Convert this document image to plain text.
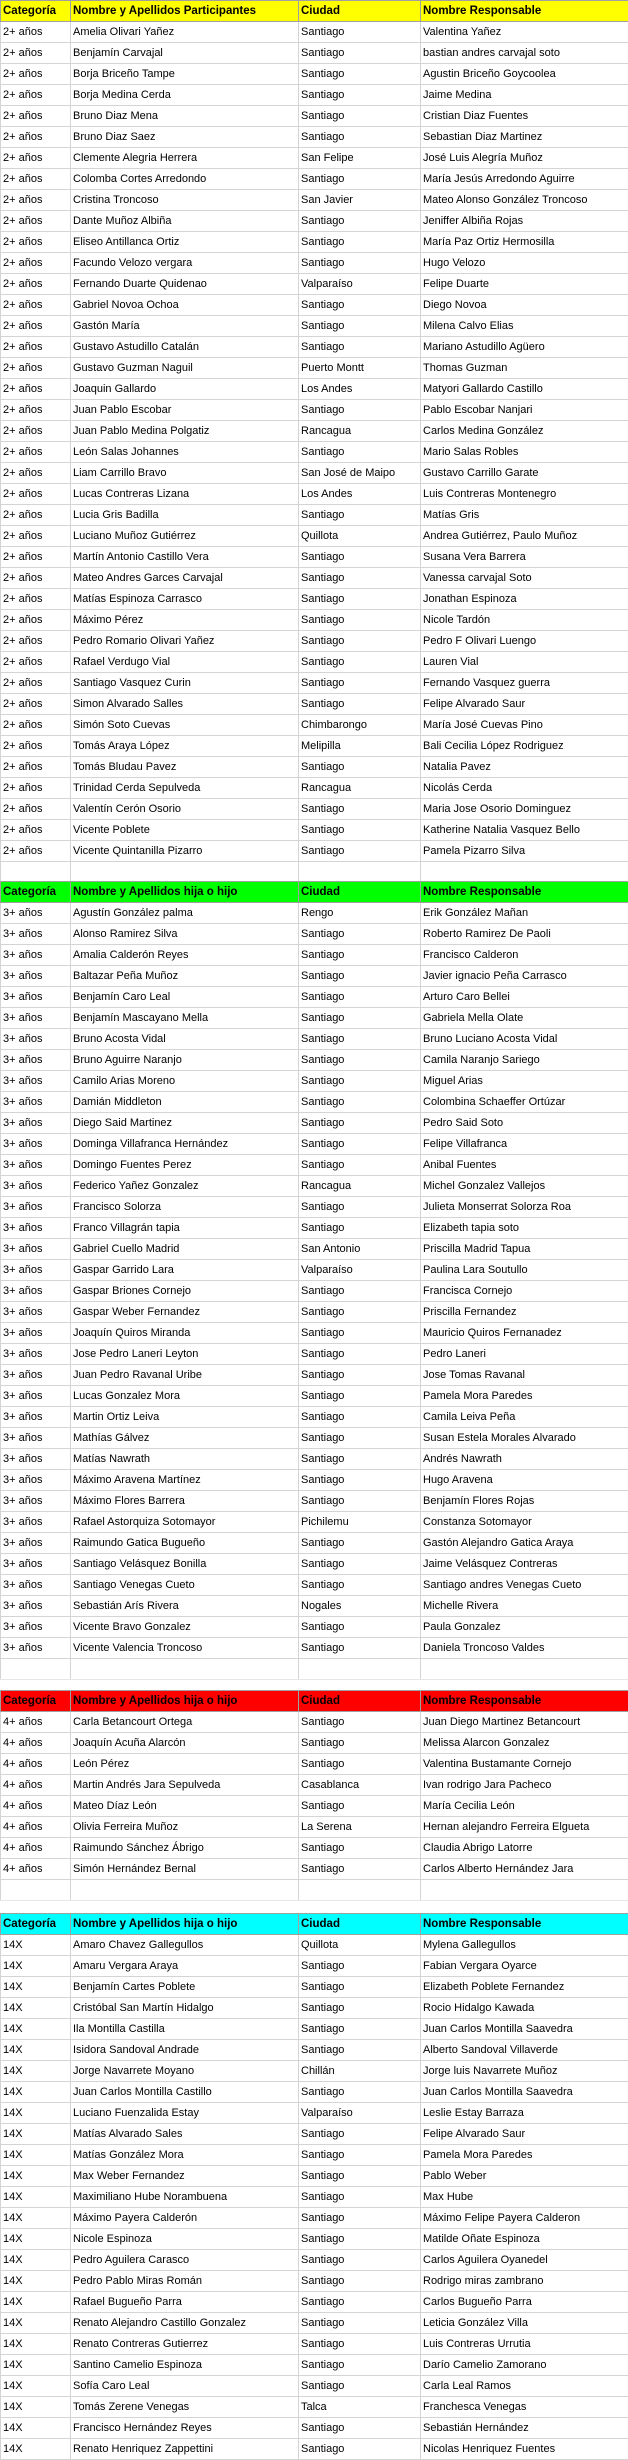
Categoría	Nombre y Apellidos Participantes	Ciudad	Nombre Responsable
2+ años	Amelia Olivari Yañez	Santiago	Valentina Yañez
2+ años	Benjamín Carvajal	Santiago	bastian andres carvajal soto
2+ años	Borja Briceño Tampe	Santiago	Agustin Briceño Goycoolea
2+ años	Borja Medina Cerda	Santiago	Jaime Medina
2+ años	Bruno Diaz Mena	Santiago	Cristian Diaz Fuentes
2+ años	Bruno Diaz Saez	Santiago	Sebastian Diaz Martinez
2+ años	Clemente Alegria Herrera	San Felipe	José Luis Alegría Muñoz
2+ años	Colomba Cortes Arredondo	Santiago	María Jesús Arredondo Aguirre
2+ años	Cristina Troncoso	San Javier	Mateo Alonso González Troncoso
2+ años	Dante Muñoz Albiña	Santiago	Jeniffer Albiña Rojas
2+ años	Eliseo Antillanca Ortiz	Santiago	María Paz Ortiz Hermosilla
2+ años	Facundo Velozo vergara	Santiago	Hugo Velozo
2+ años	Fernando Duarte Quidenao	Valparaíso	Felipe Duarte
2+ años	Gabriel Novoa Ochoa	Santiago	Diego Novoa
2+ años	Gastón María	Santiago	Milena Calvo Elias
2+ años	Gustavo Astudillo Catalán	Santiago	Mariano Astudillo Agüero
2+ años	Gustavo Guzman Naguil	Puerto Montt	Thomas Guzman
2+ años	Joaquin Gallardo	Los Andes	Matyori Gallardo Castillo
2+ años	Juan Pablo Escobar	Santiago	Pablo Escobar Nanjari
2+ años	Juan Pablo Medina Polgatiz	Rancagua	Carlos Medina González
2+ años	León Salas Johannes	Santiago	Mario Salas Robles
2+ años	Liam Carrillo Bravo	San José de Maipo	Gustavo Carrillo Garate
2+ años	Lucas Contreras Lizana	Los Andes	Luis Contreras Montenegro
2+ años	Lucia Gris Badilla	Santiago	Matías Gris
2+ años	Luciano Muñoz Gutiérrez	Quillota	Andrea Gutiérrez, Paulo Muñoz
2+ años	Martín Antonio Castillo Vera	Santiago	Susana Vera Barrera
2+ años	Mateo Andres Garces Carvajal	Santiago	Vanessa carvajal Soto
2+ años	Matías Espinoza Carrasco	Santiago	Jonathan Espinoza
2+ años	Máximo Pérez	Santiago	Nicole Tardón
2+ años	Pedro Romario Olivari Yañez	Santiago	Pedro F Olivari Luengo
2+ años	Rafael Verdugo Vial	Santiago	Lauren Vial
2+ años	Santiago Vasquez Curin	Santiago	Fernando Vasquez guerra
2+ años	Simon Alvarado Salles	Santiago	Felipe Alvarado Saur
2+ años	Simón Soto Cuevas	Chimbarongo	María José Cuevas Pino
2+ años	Tomás Araya López	Melipilla	Bali Cecilia López Rodriguez
2+ años	Tomás Bludau Pavez	Santiago	Natalia Pavez
2+ años	Trinidad Cerda Sepulveda	Rancagua	Nicolás Cerda
2+ años	Valentín Cerón Osorio	Santiago	Maria Jose Osorio Dominguez
2+ años	Vicente Poblete	Santiago	Katherine Natalia Vasquez Bello
2+ años	Vicente Quintanilla Pizarro	Santiago	Pamela Pizarro Silva

Categoría	Nombre y Apellidos hija o hijo	Ciudad	Nombre Responsable
3+ años	Agustín González palma	Rengo	Erik González Mañan
3+ años	Alonso Ramirez Silva	Santiago	Roberto Ramirez De Paoli
3+ años	Amalia Calderón Reyes	Santiago	Francisco Calderon
3+ años	Baltazar Peña Muñoz	Santiago	Javier ignacio Peña Carrasco
3+ años	Benjamín Caro Leal	Santiago	Arturo Caro Bellei
3+ años	Benjamín Mascayano Mella	Santiago	Gabriela Mella Olate
3+ años	Bruno Acosta Vidal	Santiago	Bruno Luciano Acosta Vidal
3+ años	Bruno Aguirre Naranjo	Santiago	Camila Naranjo Sariego
3+ años	Camilo Arias Moreno	Santiago	Miguel Arias
3+ años	Damián Middleton	Santiago	Colombina Schaeffer Ortúzar
3+ años	Diego Said Martinez	Santiago	Pedro Said Soto
3+ años	Dominga Villafranca Hernández	Santiago	Felipe Villafranca
3+ años	Domingo Fuentes Perez	Santiago	Anibal Fuentes
3+ años	Federico Yañez Gonzalez	Rancagua	Michel Gonzalez Vallejos
3+ años	Francisco Solorza	Santiago	Julieta Monserrat Solorza Roa
3+ años	Franco Villagrán tapia	Santiago	Elizabeth tapia soto
3+ años	Gabriel Cuello Madrid	San Antonio	Priscilla Madrid Tapua
3+ años	Gaspar Garrido Lara	Valparaíso	Paulina Lara Soutullo
3+ años	Gaspar Briones Cornejo	Santiago	Francisca Cornejo
3+ años	Gaspar Weber Fernandez	Santiago	Priscilla Fernandez
3+ años	Joaquín Quiros Miranda	Santiago	Mauricio Quiros Fernanadez
3+ años	Jose Pedro Laneri Leyton	Santiago	Pedro Laneri
3+ años	Juan Pedro Ravanal Uribe	Santiago	Jose Tomas Ravanal
3+ años	Lucas Gonzalez Mora	Santiago	Pamela Mora Paredes
3+ años	Martin Ortiz Leiva	Santiago	Camila Leiva Peña
3+ años	Mathías Gálvez	Santiago	Susan Estela Morales Alvarado
3+ años	Matías Nawrath	Santiago	Andrés Nawrath
3+ años	Máximo Aravena Martínez	Santiago	Hugo Aravena
3+ años	Máximo Flores Barrera	Santiago	Benjamín Flores Rojas
3+ años	Rafael Astorquiza Sotomayor	Pichilemu	Constanza Sotomayor
3+ años	Raimundo Gatica Bugueño	Santiago	Gastón Alejandro Gatica Araya
3+ años	Santiago Velásquez Bonilla	Santiago	Jaime Velásquez Contreras
3+ años	Santiago Venegas Cueto	Santiago	Santiago andres Venegas Cueto
3+ años	Sebastián Arís Rivera	Nogales	Michelle Rivera
3+ años	Vicente Bravo Gonzalez	Santiago	Paula Gonzalez
3+ años	Vicente Valencia Troncoso	Santiago	Daniela Troncoso Valdes

Categoría	Nombre y Apellidos hija o hijo	Ciudad	Nombre Responsable
4+ años	Carla Betancourt Ortega	Santiago	Juan Diego Martinez Betancourt
4+ años	Joaquín Acuña Alarcón	Santiago	Melissa Alarcon Gonzalez
4+ años	León Pérez	Santiago	Valentina Bustamante Cornejo
4+ años	Martin Andrés Jara Sepulveda	Casablanca	Ivan rodrigo Jara Pacheco
4+ años	Mateo Díaz León	Santiago	María Cecilia León
4+ años	Olivia Ferreira Muñoz	La Serena	Hernan alejandro Ferreira Elgueta
4+ años	Raimundo Sánchez Ábrigo	Santiago	Claudia Abrigo Latorre
4+ años	Simón Hernández Bernal	Santiago	Carlos Alberto Hernández Jara

Categoría	Nombre y Apellidos hija o hijo	Ciudad	Nombre Responsable
14X	Amaro Chavez Gallegullos	Quillota	Mylena Gallegullos
14X	Amaru Vergara Araya	Santiago	Fabian Vergara Oyarce
14X	Benjamín Cartes Poblete	Santiago	Elizabeth Poblete Fernandez
14X	Cristóbal San Martín Hidalgo	Santiago	Rocio Hidalgo Kawada
14X	Ila Montilla Castilla	Santiago	Juan Carlos Montilla Saavedra
14X	Isidora Sandoval Andrade	Santiago	Alberto Sandoval Villaverde
14X	Jorge Navarrete Moyano	Chillán	Jorge luis Navarrete Muñoz
14X	Juan Carlos Montilla Castillo	Santiago	Juan Carlos Montilla Saavedra
14X	Luciano Fuenzalida Estay	Valparaíso	Leslie Estay Barraza
14X	Matías Alvarado Sales	Santiago	Felipe Alvarado Saur
14X	Matías González Mora	Santiago	Pamela Mora Paredes
14X	Max Weber Fernandez	Santiago	Pablo Weber
14X	Maximiliano Hube Norambuena	Santiago	Max Hube
14X	Máximo Payera Calderón	Santiago	Máximo Felipe Payera Calderon
14X	Nicole Espinoza	Santiago	Matilde Oñate Espinoza
14X	Pedro Aguilera Carasco	Santiago	Carlos Aguilera Oyanedel
14X	Pedro Pablo Miras Román	Santiago	Rodrigo miras zambrano
14X	Rafael Bugueño Parra	Santiago	Carlos Bugueño Parra
14X	Renato Alejandro Castillo Gonzalez	Santiago	Leticia González Villa
14X	Renato Contreras Gutierrez	Santiago	Luis Contreras Urrutia
14X	Santino Camelio Espinoza	Santiago	Darío Camelio Zamorano
14X	Sofía Caro Leal	Santiago	Carla Leal Ramos
14X	Tomás Zerene Venegas	Talca	Franchesca Venegas
14X	Francisco Hernández Reyes	Santiago	Sebastián Hernández
14X	Renato Henriquez Zappettini	Santiago	Nicolas Henriquez Fuentes
